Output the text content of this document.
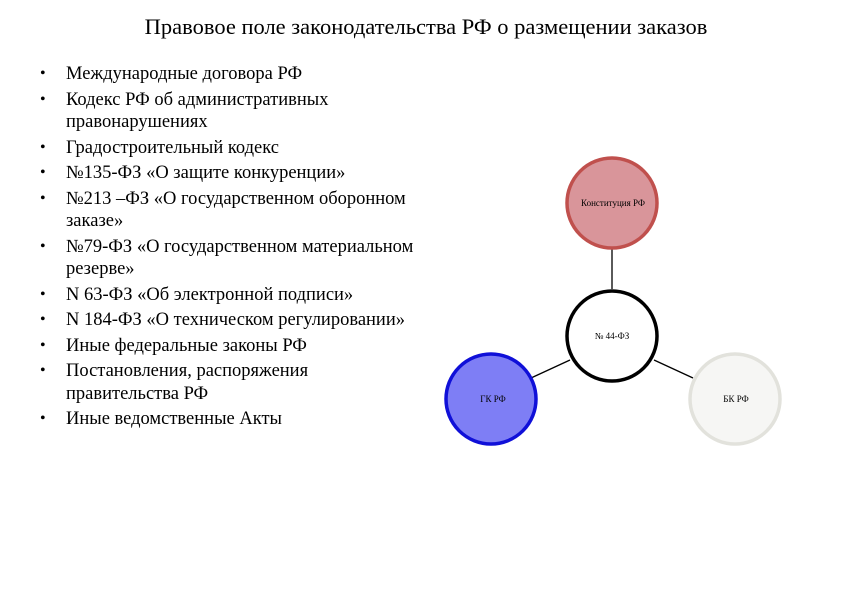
Правовое поле законодательства РФ о размещении заказов
• Международные договора РФ
• Кодекс РФ об административных правонарушениях
• Градостроительный кодекс
• №135-ФЗ «О защите конкуренции»
• №213 –ФЗ «О государственном оборонном заказе»
• №79-ФЗ «О государственном материальном резерве»
• N 63-ФЗ «Об электронной подписи»
• N 184-ФЗ «О техническом регулировании»
• Иные федеральные законы РФ
• Постановления, распоряжения правительства РФ
• Иные ведомственные Акты
Конституция РФ
№ 44-ФЗ
ГК РФ	БК РФ
